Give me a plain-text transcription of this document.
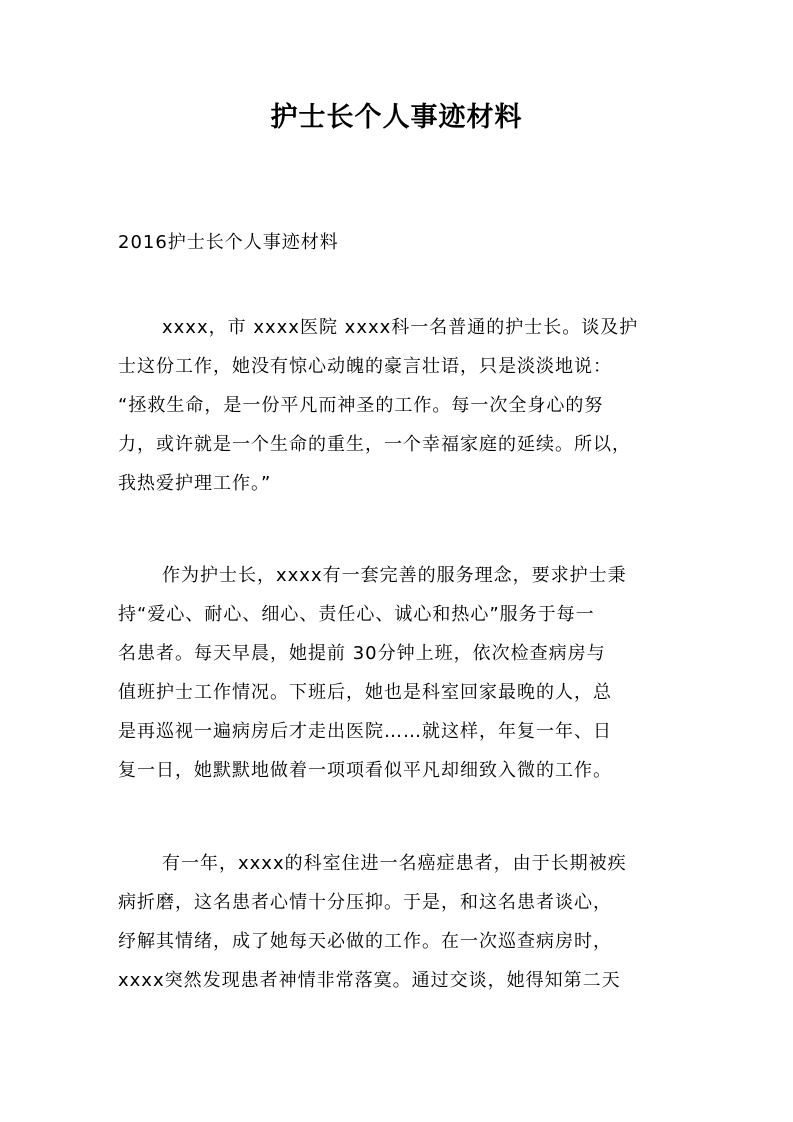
护士长个人事迹材料

2016护士长个人事迹材料

xxxx，市 xxxx医院 xxxx科一名普通的护士长。谈及护
士这份工作，她没有惊心动魄的豪言壮语，只是淡淡地说：
“拯救生命，是一份平凡而神圣的工作。每一次全身心的努
力，或许就是一个生命的重生，一个幸福家庭的延续。所以，
我热爱护理工作。”
作为护士长，xxxx有一套完善的服务理念，要求护士秉
持“爱心、耐心、细心、责任心、诚心和热心”服务于每一
名患者。每天早晨，她提前 30分钟上班，依次检查病房与
值班护士工作情况。下班后，她也是科室回家最晚的人，总
是再巡视一遍病房后才走出医院……就这样，年复一年、日
复一日，她默默地做着一项项看似平凡却细致入微的工作。
有一年，xxxx的科室住进一名癌症患者，由于长期被疾
病折磨，这名患者心情十分压抑。于是，和这名患者谈心，
纾解其情绪，成了她每天必做的工作。在一次巡查病房时，
xxxx突然发现患者神情非常落寞。通过交谈，她得知第二天
